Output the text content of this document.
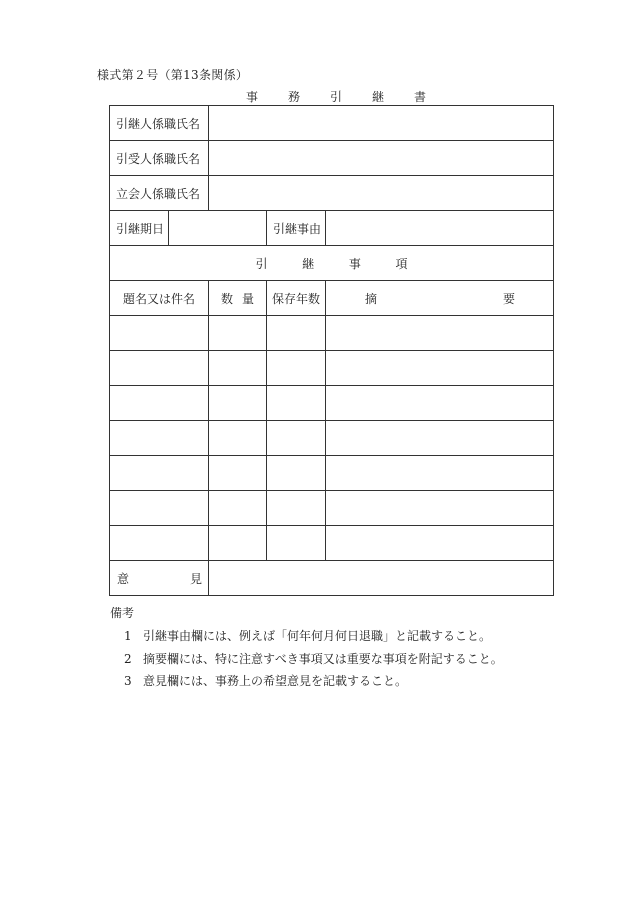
様式第２号（第13条関係）
事 務 引 継 書
引継人係職氏名				
引受人係職氏名				
立会人係職氏名				
引継期日			引継事由	

引 継 事 項				

題名又は件名		数 量	保存年数	摘 要

意 見				

備考
1 引継事由欄には、例えば「何年何月何日退職」と記載すること。
2 摘要欄には、特に注意すべき事項又は重要な事項を附記すること。
3 意見欄には、事務上の希望意見を記載すること。
